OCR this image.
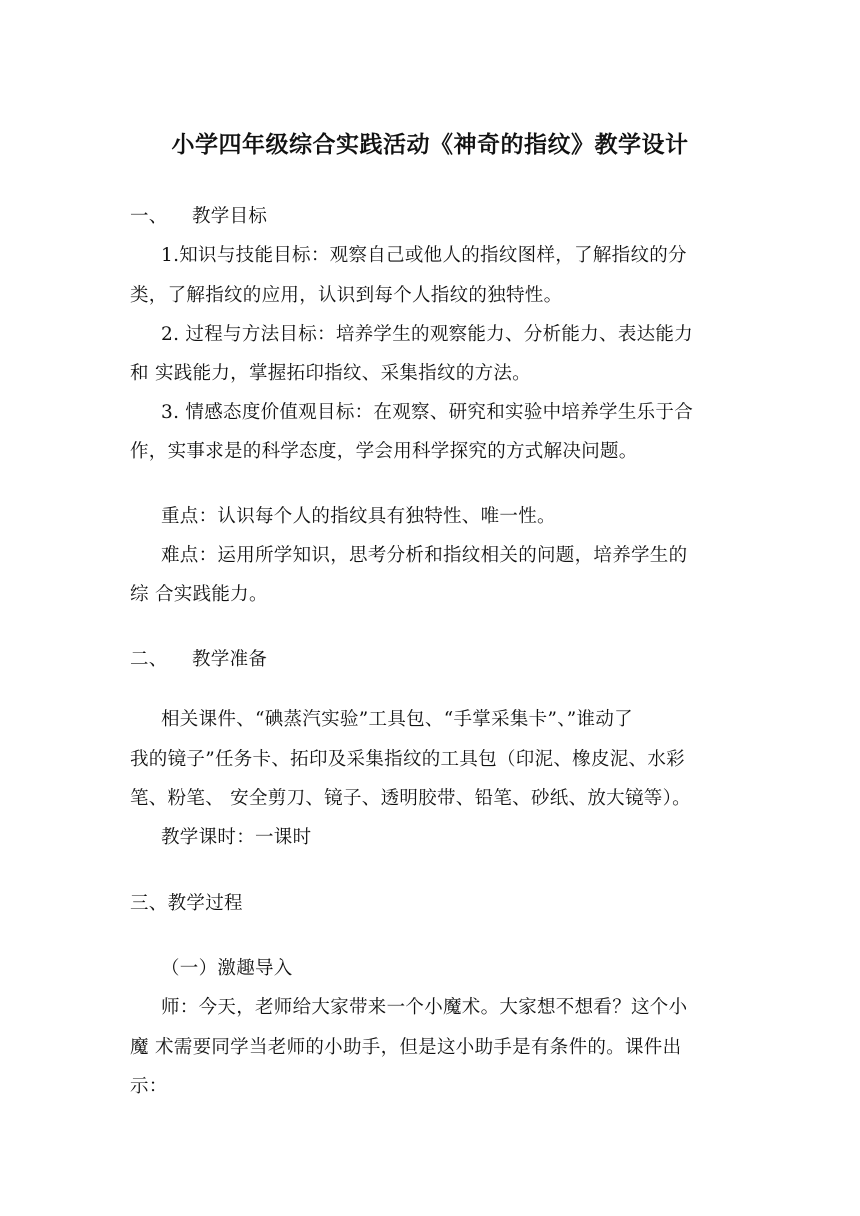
小学四年级综合实践活动《神奇的指纹》教学设计
一、 教学目标
1.知识与技能目标：观察自己或他人的指纹图样，了解指纹的分
类，了解指纹的应用，认识到每个人指纹的独特性。
2. 过程与方法目标：培养学生的观察能力、分析能力、表达能力
和 实践能力，掌握拓印指纹、采集指纹的方法。
3. 情感态度价值观目标：在观察、研究和实验中培养学生乐于合
作，实事求是的科学态度，学会用科学探究的方式解决问题。
重点：认识每个人的指纹具有独特性、唯一性。
难点：运用所学知识，思考分析和指纹相关的问题，培养学生的
综 合实践能力。
二、 教学准备
相关课件、“碘蒸汽实验”工具包、“手掌采集卡”、”谁动了
我的镜子”任务卡、拓印及采集指纹的工具包（印泥、橡皮泥、水彩
笔、粉笔、 安全剪刀、镜子、透明胶带、铅笔、砂纸、放大镜等）。
教学课时：一课时
三、教学过程
（一）激趣导入
师：今天，老师给大家带来一个小魔术。大家想不想看？这个小
魔 术需要同学当老师的小助手，但是这小助手是有条件的。课件出
示：
